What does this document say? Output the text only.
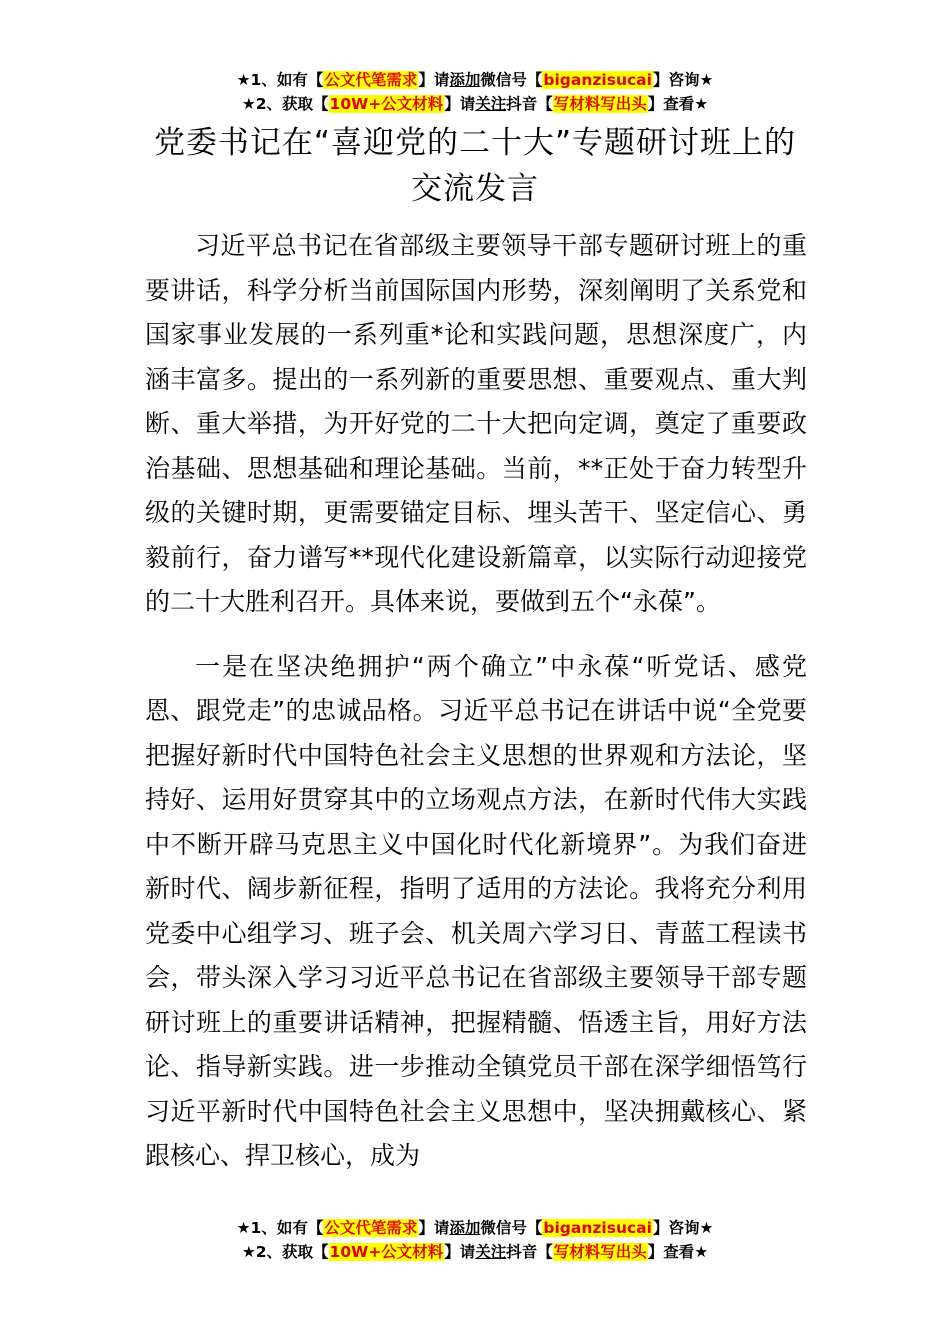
★1、如有【公文代笔需求】请添加微信号【biganzisucai】咨询★
★2、获取【10W+公文材料】请关注抖音【写材料写出头】查看★
党委书记在“喜迎党的二十大”专题研讨班上的交流发言

习近平总书记在省部级主要领导干部专题研讨班上的重要讲话，科学分析当前国际国内形势，深刻阐明了关系党和国家事业发展的一系列重*论和实践问题，思想深度广，内涵丰富多。提出的一系列新的重要思想、重要观点、重大判断、重大举措，为开好党的二十大把向定调，奠定了重要政治基础、思想基础和理论基础。当前，**正处于奋力转型升级的关键时期，更需要锚定目标、埋头苦干、坚定信心、勇毅前行，奋力谱写**现代化建设新篇章，以实际行动迎接党的二十大胜利召开。具体来说，要做到五个“永葆”。

一是在坚决绝拥护“两个确立”中永葆“听党话、感党恩、跟党走”的忠诚品格。习近平总书记在讲话中说“全党要把握好新时代中国特色社会主义思想的世界观和方法论，坚持好、运用好贯穿其中的立场观点方法，在新时代伟大实践中不断开辟马克思主义中国化时代化新境界”。为我们奋进新时代、阔步新征程，指明了适用的方法论。我将充分利用党委中心组学习、班子会、机关周六学习日、青蓝工程读书会，带头深入学习习近平总书记在省部级主要领导干部专题研讨班上的重要讲话精神，把握精髓、悟透主旨，用好方法论、指导新实践。进一步推动全镇党员干部在深学细悟笃行习近平新时代中国特色社会主义思想中，坚决拥戴核心、紧跟核心、捍卫核心，成为

★1、如有【公文代笔需求】请添加微信号【biganzisucai】咨询★
★2、获取【10W+公文材料】请关注抖音【写材料写出头】查看★
